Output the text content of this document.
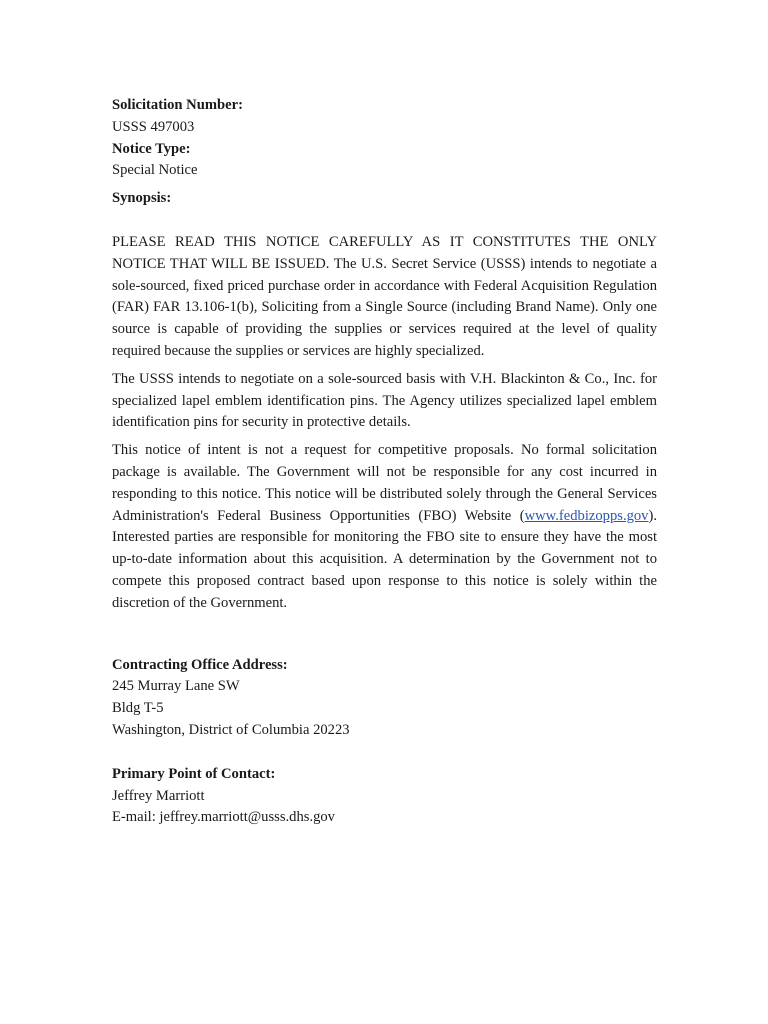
Solicitation Number:
USSS 497003
Notice Type:
Special Notice
Synopsis:

PLEASE READ THIS NOTICE CAREFULLY AS IT CONSTITUTES THE ONLY NOTICE THAT WILL BE ISSUED. The U.S. Secret Service (USSS) intends to negotiate a sole-sourced, fixed priced purchase order in accordance with Federal Acquisition Regulation (FAR) FAR 13.106-1(b), Soliciting from a Single Source (including Brand Name). Only one source is capable of providing the supplies or services required at the level of quality required because the supplies or services are highly specialized.

The USSS intends to negotiate on a sole-sourced basis with V.H. Blackinton & Co., Inc. for specialized lapel emblem identification pins. The Agency utilizes specialized lapel emblem identification pins for security in protective details.

This notice of intent is not a request for competitive proposals. No formal solicitation package is available. The Government will not be responsible for any cost incurred in responding to this notice. This notice will be distributed solely through the General Services Administration's Federal Business Opportunities (FBO) Website (www.fedbizopps.gov). Interested parties are responsible for monitoring the FBO site to ensure they have the most up-to-date information about this acquisition. A determination by the Government not to compete this proposed contract based upon response to this notice is solely within the discretion of the Government.

Contracting Office Address:
245 Murray Lane SW
Bldg T-5
Washington, District of Columbia 20223
Primary Point of Contact:
Jeffrey Marriott
E-mail: jeffrey.marriott@usss.dhs.gov
